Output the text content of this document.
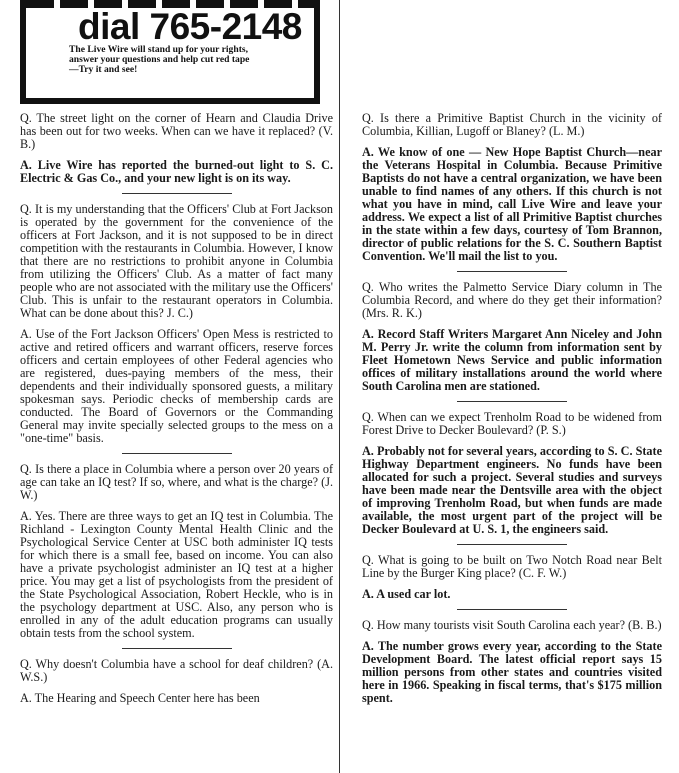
dial 765-2148
The Live Wire will stand up for your rights,
answer your questions and help cut red tape
—Try it and see!

Q. The street light on the corner of Hearn and Claudia Drive has been out for two weeks. When can we have it replaced? (V. B.)

A. Live Wire has reported the burned-out light to S. C. Electric & Gas Co., and your new light is on its way.

Q. It is my understanding that the Officers' Club at Fort Jackson is operated by the government for the convenience of the officers at Fort Jackson, and it is not supposed to be in direct competition with the restaurants in Columbia. However, I know that there are no restrictions to prohibit anyone in Columbia from utilizing the Officers' Club. As a matter of fact many people who are not associated with the military use the Officers' Club. This is unfair to the restaurant operators in Columbia. What can be done about this? J. C.)

A. Use of the Fort Jackson Officers' Open Mess is restricted to active and retired officers and warrant officers, reserve forces officers and certain employees of other Federal agencies who are registered, dues-paying members of the mess, their dependents and their individually sponsored guests, a military spokesman says. Periodic checks of membership cards are conducted. The Board of Governors or the Commanding General may invite specially selected groups to the mess on a "one-time" basis.

Q. Is there a place in Columbia where a person over 20 years of age can take an IQ test? If so, where, and what is the charge? (J. W.)

A. Yes. There are three ways to get an IQ test in Columbia. The Richland - Lexington County Mental Health Clinic and the Psychological Service Center at USC both administer IQ tests for which there is a small fee, based on income. You can also have a private psychologist administer an IQ test at a higher price. You may get a list of psychologists from the president of the State Psychological Association, Robert Heckle, who is in the psychology department at USC. Also, any person who is enrolled in any of the adult education programs can usually obtain tests from the school system.

Q. Why doesn't Columbia have a school for deaf children? (A. W.S.)

A. The Hearing and Speech Center here has been

Q. Is there a Primitive Baptist Church in the vicinity of Columbia, Killian, Lugoff or Blaney? (L. M.)

A. We know of one — New Hope Baptist Church—near the Veterans Hospital in Columbia. Because Primitive Baptists do not have a central organization, we have been unable to find names of any others. If this church is not what you have in mind, call Live Wire and leave your address. We expect a list of all Primitive Baptist churches in the state within a few days, courtesy of Tom Brannon, director of public relations for the S. C. Southern Baptist Convention. We'll mail the list to you.

Q. Who writes the Palmetto Service Diary column in The Columbia Record, and where do they get their information? (Mrs. R. K.)

A. Record Staff Writers Margaret Ann Niceley and John M. Perry Jr. write the column from information sent by Fleet Hometown News Service and public information offices of military installations around the world where South Carolina men are stationed.

Q. When can we expect Trenholm Road to be widened from Forest Drive to Decker Boulevard? (P. S.)

A. Probably not for several years, according to S. C. State Highway Department engineers. No funds have been allocated for such a project. Several studies and surveys have been made near the Dentsville area with the object of improving Trenholm Road, but when funds are made available, the most urgent part of the project will be Decker Boulevard at U. S. 1, the engineers said.

Q. What is going to be built on Two Notch Road near Belt Line by the Burger King place? (C. F. W.)

A. A used car lot.

Q. How many tourists visit South Carolina each year? (B. B.)

A. The number grows every year, according to the State Development Board. The latest official report says 15 million persons from other states and countries visited here in 1966. Speaking in fiscal terms, that's $175 million spent.
